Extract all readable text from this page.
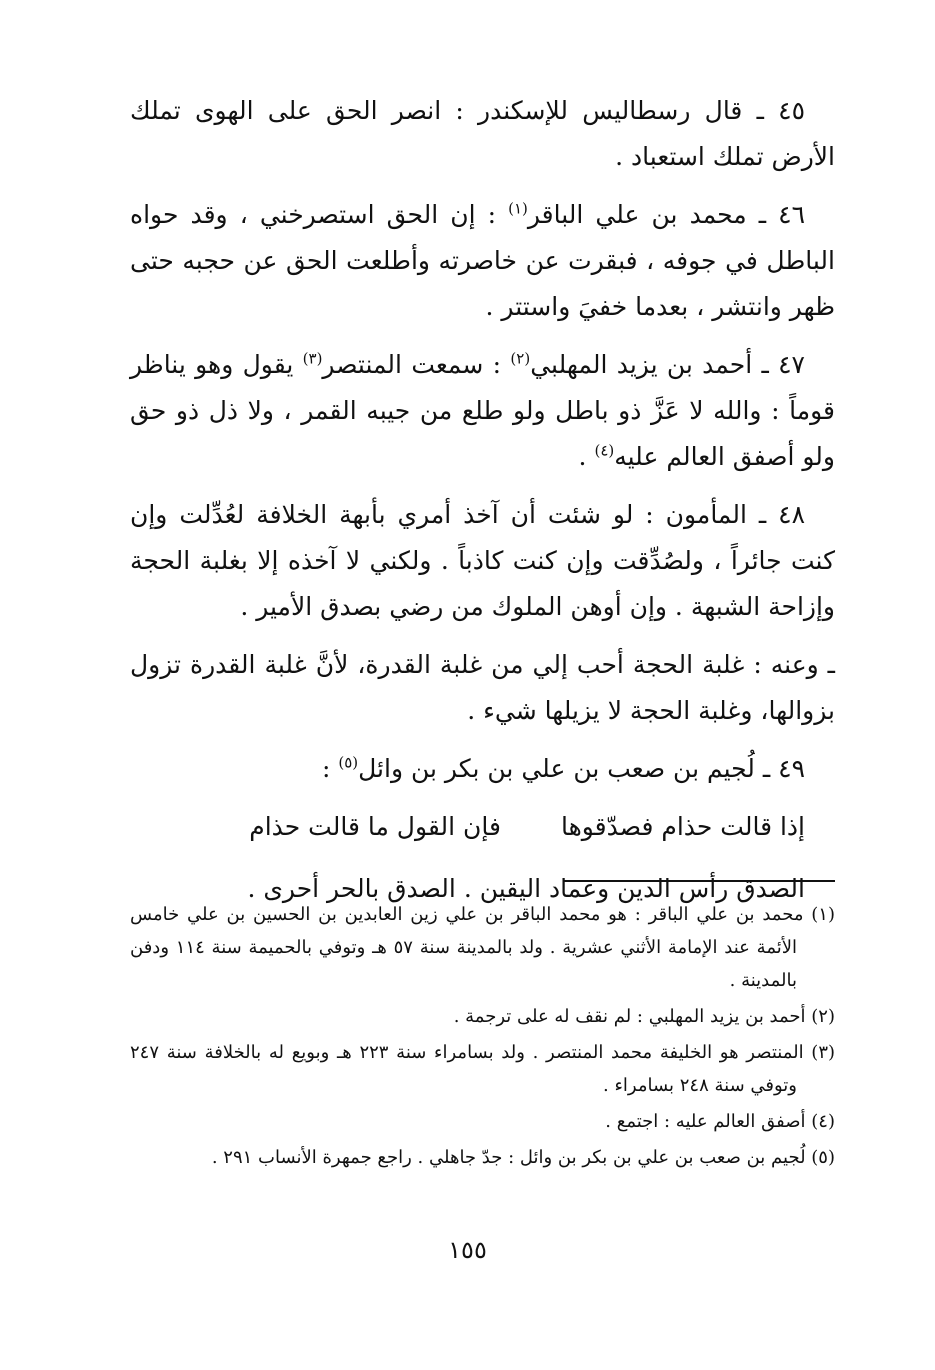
٤٥ ـ قال رسطاليس للإسكندر : انصر الحق على الهوى تملك الأرض تملك استعباد .

٤٦ ـ محمد بن علي الباقر$^{(١)}$ : إن الحق استصرخني ، وقد حواه الباطل في جوفه ، فبقرت عن خاصرته وأطلعت الحق عن حجبه حتى ظهر وانتشر ، بعدما خفيَ واستتر .

٤٧ ـ أحمد بن يزيد المهلبي$^{(٢)}$ : سمعت المنتصر$^{(٣)}$ يقول وهو يناظر قوماً : والله لا عَزَّ ذو باطل ولو طلع من جيبه القمر ، ولا ذل ذو حق ولو أصفق العالم عليه$^{(٤)}$ .

٤٨ ـ المأمون : لو شئت أن آخذ أمري بأبهة الخلافة لعُدِّلت وإن كنت جائراً ، ولصُدِّقت وإن كنت كاذباً . ولكني لا آخذه إلا بغلبة الحجة وإزاحة الشبهة . وإن أوهن الملوك من رضي بصدق الأمير .

ـ وعنه : غلبة الحجة أحب إلي من غلبة القدرة، لأنَّ غلبة القدرة تزول بزوالها، وغلبة الحجة لا يزيلها شيء .

٤٩ ـ لُجيم بن صعب بن علي بن بكر بن وائل$^{(٥)}$ :

إذا قالت حذام فصدّقوها
فإن القول ما قالت حذام

الصدق رأس الدين وعماد اليقين . الصدق بالحر أحرى .

(١) محمد بن علي الباقر : هو محمد الباقر بن علي زين العابدين بن الحسين بن علي خامس الأئمة عند الإمامة الأثني عشرية . ولد بالمدينة سنة ٥٧ هـ وتوفي بالحميمة سنة ١١٤ ودفن بالمدينة .

(٢) أحمد بن يزيد المهلبي : لم نقف له على ترجمة .

(٣) المنتصر هو الخليفة محمد المنتصر . ولد بسامراء سنة ٢٢٣ هـ وبويع له بالخلافة سنة ٢٤٧ وتوفي سنة ٢٤٨ بسامراء .

(٤) أصفق العالم عليه : اجتمع .

(٥) لُجيم بن صعب بن علي بن بكر بن وائل : جدّ جاهلي . راجع جمهرة الأنساب ٢٩١ .

١٥٥
